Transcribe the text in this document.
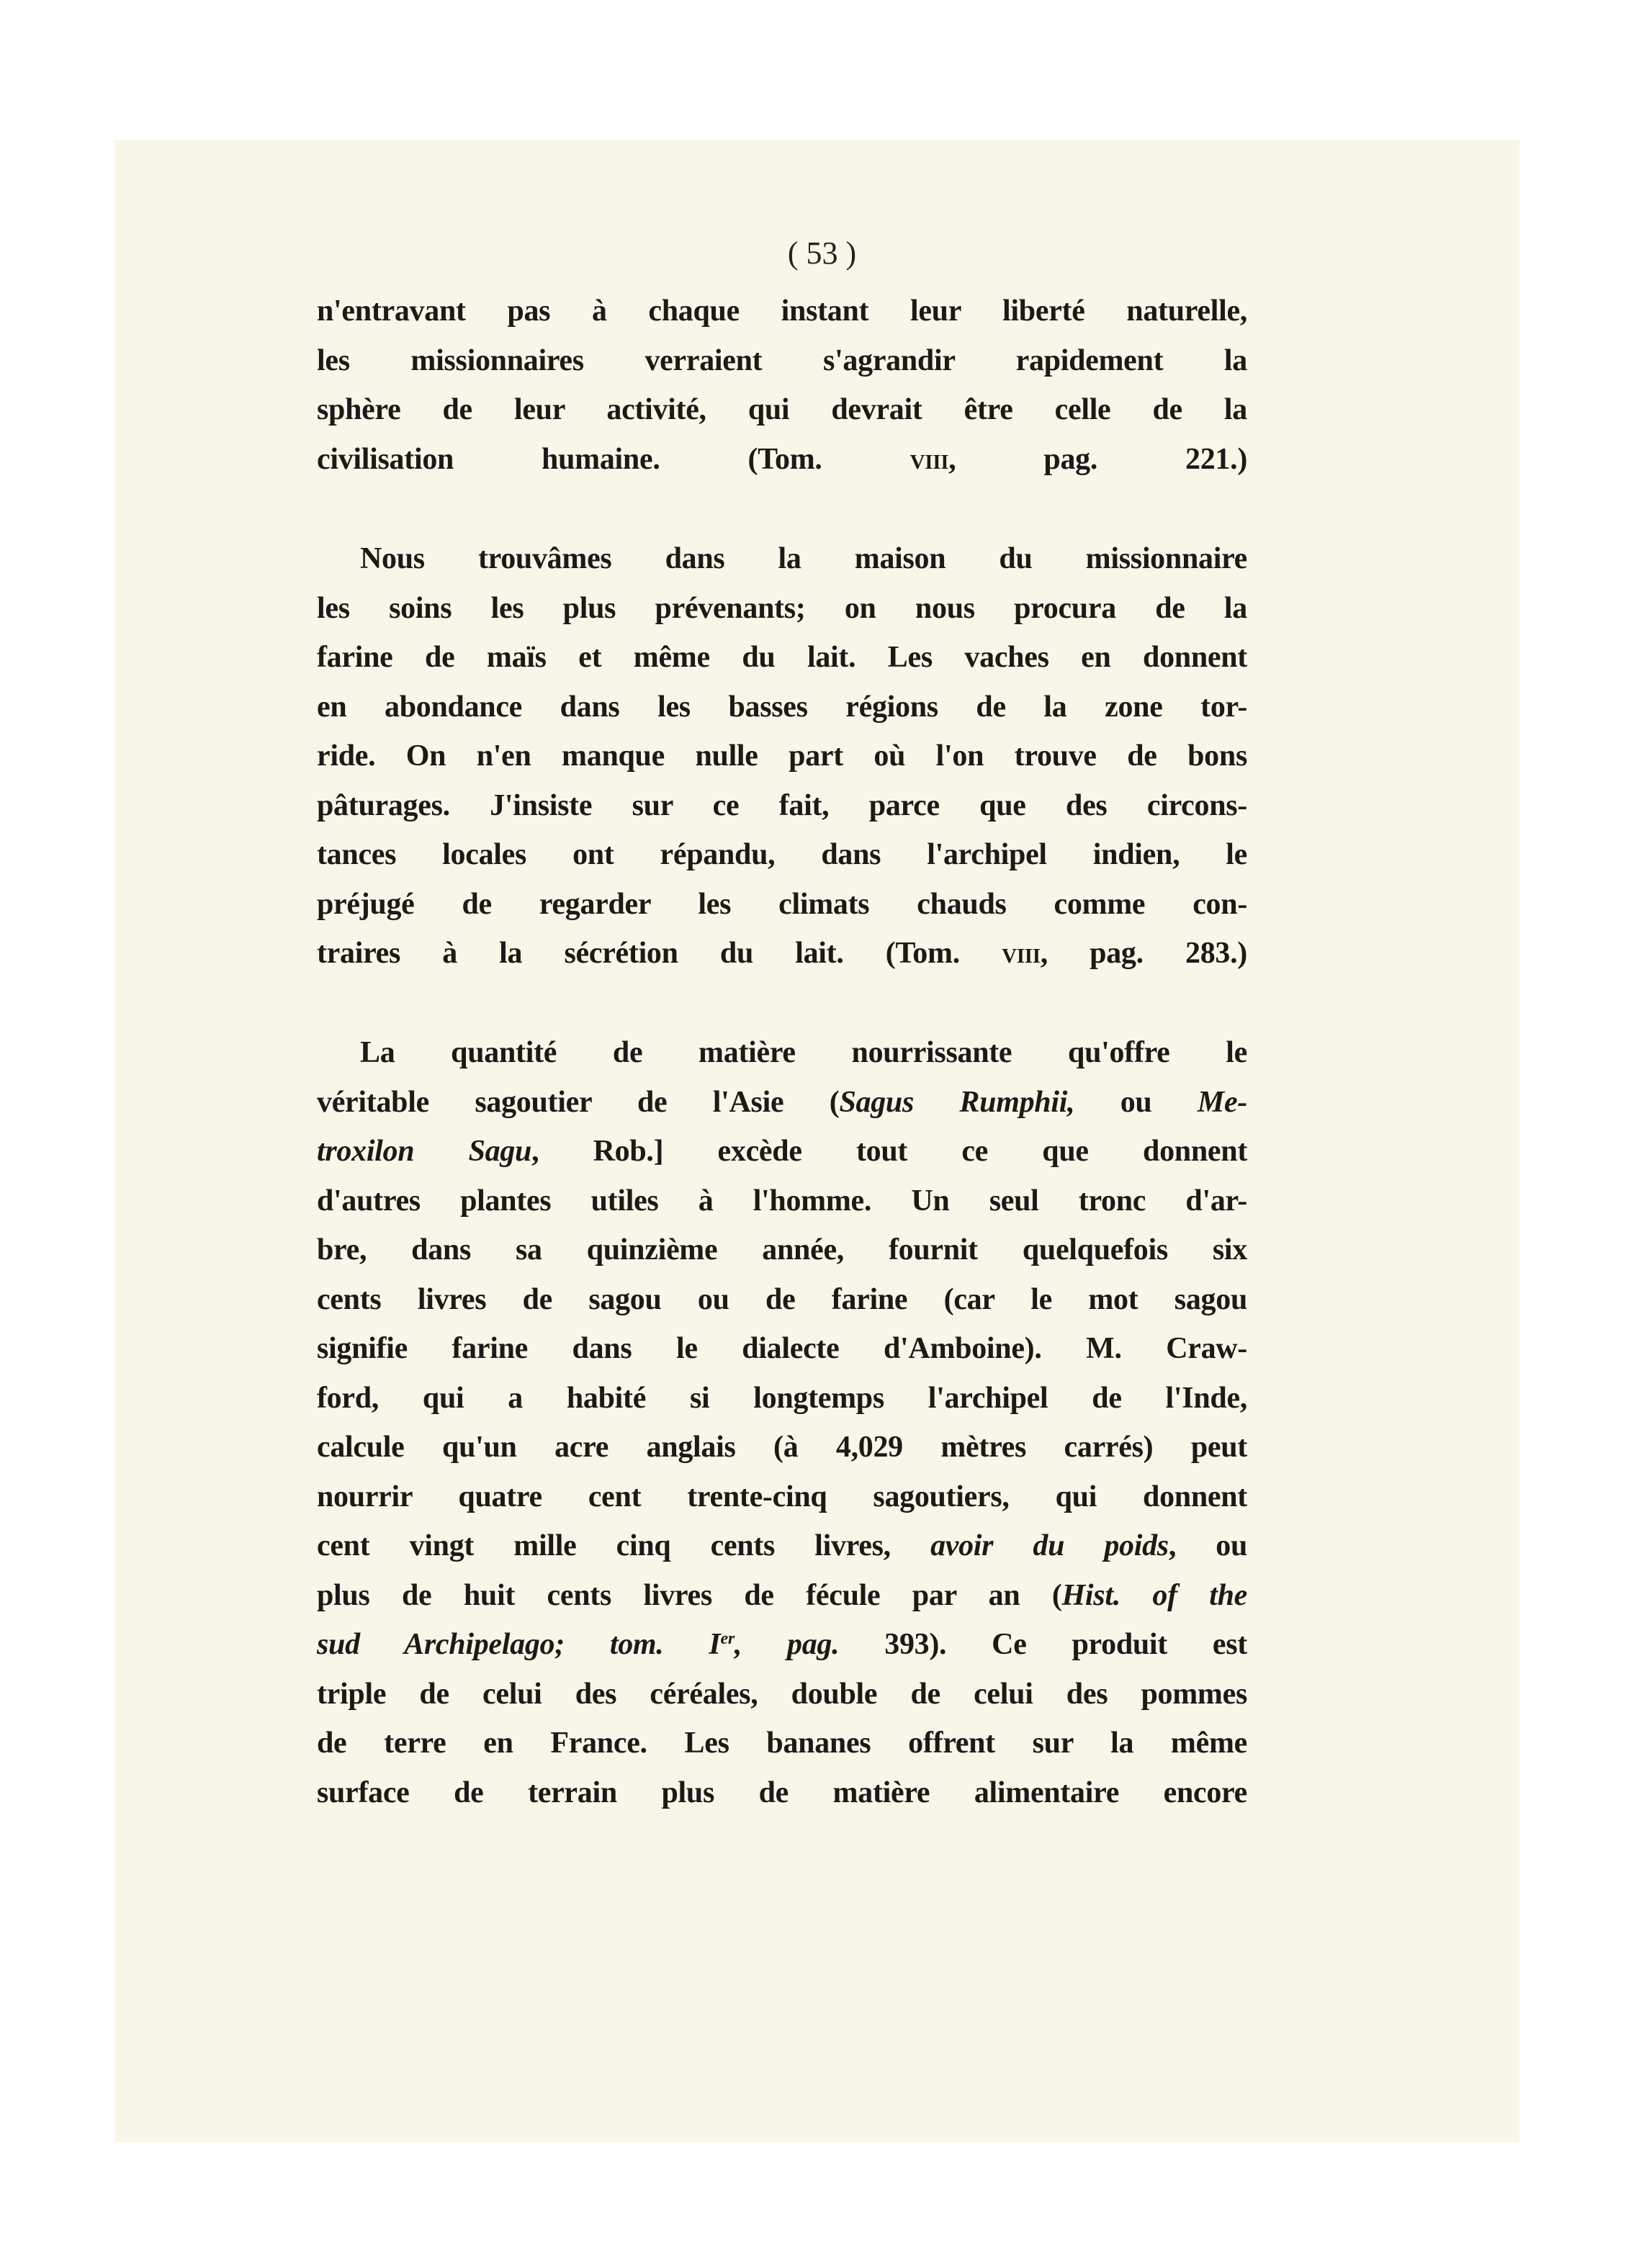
( 53 )
n'entravant pas à chaque instant leur liberté naturelle,
les missionnaires verraient s'agrandir rapidement la
sphère de leur activité, qui devrait être celle de la
civilisation humaine. (Tom. viii, pag. 221.)
Nous trouvâmes dans la maison du missionnaire
les soins les plus prévenants; on nous procura de la
farine de maïs et même du lait. Les vaches en donnent
en abondance dans les basses régions de la zone tor-
ride. On n'en manque nulle part où l'on trouve de bons
pâturages. J'insiste sur ce fait, parce que des circons-
tances locales ont répandu, dans l'archipel indien, le
préjugé de regarder les climats chauds comme con-
traires à la sécrétion du lait. (Tom. viii, pag. 283.)
La quantité de matière nourrissante qu'offre le
véritable sagoutier de l'Asie (Sagus Rumphii, ou Me-
troxilon Sagu, Rob.] excède tout ce que donnent
d'autres plantes utiles à l'homme. Un seul tronc d'ar-
bre, dans sa quinzième année, fournit quelquefois six
cents livres de sagou ou de farine (car le mot sagou
signifie farine dans le dialecte d'Amboine). M. Craw-
ford, qui a habité si longtemps l'archipel de l'Inde,
calcule qu'un acre anglais (à 4,029 mètres carrés) peut
nourrir quatre cent trente-cinq sagoutiers, qui donnent
cent vingt mille cinq cents livres, avoir du poids, ou
plus de huit cents livres de fécule par an (Hist. of the
sud Archipelago; tom. Ier, pag. 393). Ce produit est
triple de celui des céréales, double de celui des pommes
de terre en France. Les bananes offrent sur la même
surface de terrain plus de matière alimentaire encore
